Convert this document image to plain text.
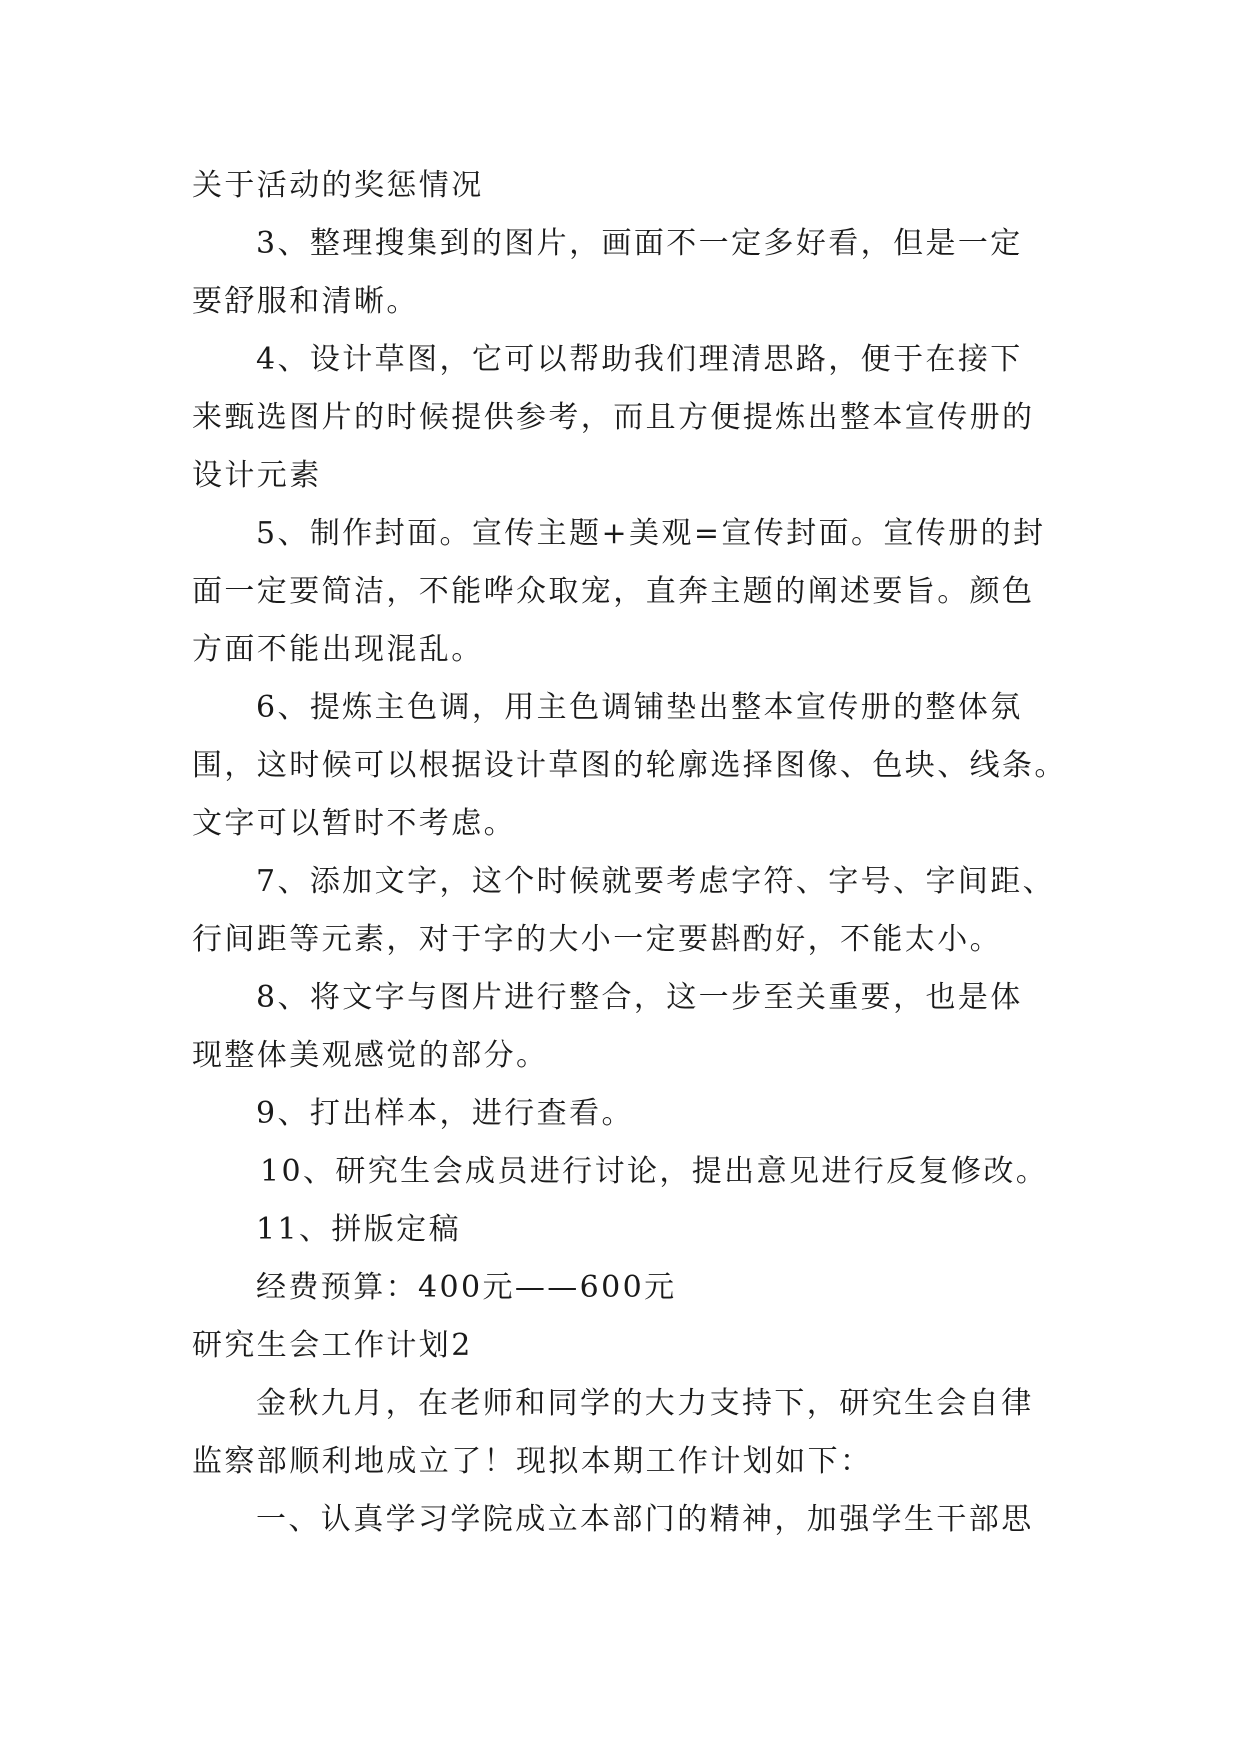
关于活动的奖惩情况
3、整理搜集到的图片，画面不一定多好看，但是一定
要舒服和清晰。
4、设计草图，它可以帮助我们理清思路，便于在接下
来甄选图片的时候提供参考，而且方便提炼出整本宣传册的
设计元素
5、制作封面。宣传主题+美观=宣传封面。宣传册的封
面一定要简洁，不能哗众取宠，直奔主题的阐述要旨。颜色
方面不能出现混乱。
6、提炼主色调，用主色调铺垫出整本宣传册的整体氛
围，这时候可以根据设计草图的轮廓选择图像、色块、线条。
文字可以暂时不考虑。
7、添加文字，这个时候就要考虑字符、字号、字间距、
行间距等元素，对于字的大小一定要斟酌好，不能太小。
8、将文字与图片进行整合，这一步至关重要，也是体
现整体美观感觉的部分。
9、打出样本，进行查看。
10、研究生会成员进行讨论，提出意见进行反复修改。
11、拼版定稿
经费预算：400元——600元
研究生会工作计划2
金秋九月，在老师和同学的大力支持下，研究生会自律
监察部顺利地成立了！现拟本期工作计划如下：
一、认真学习学院成立本部门的精神，加强学生干部思
